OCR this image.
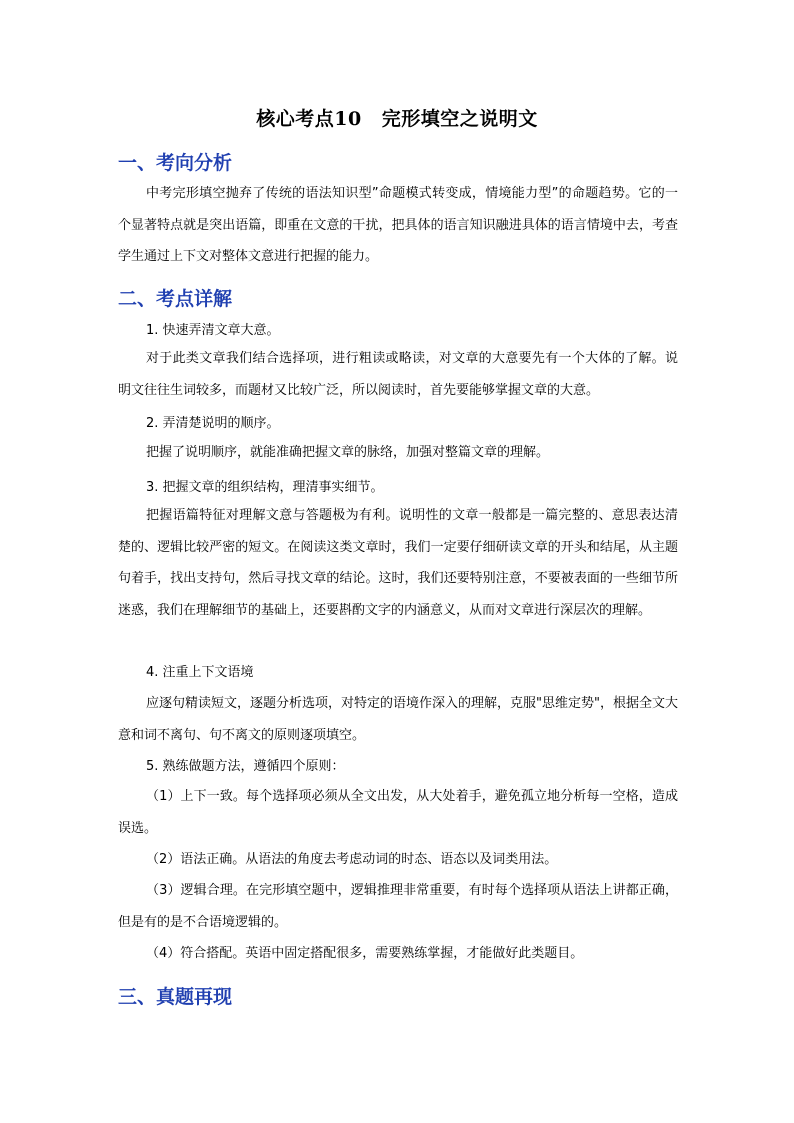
核心考点10 完形填空之说明文
一、考向分析

中考完形填空抛弃了传统的语法知识型”命题模式转变成，情境能力型”的命题趋势。它的一个显著特点就是突出语篇，即重在文意的干扰，把具体的语言知识融进具体的语言情境中去，考查学生通过上下文对整体文意进行把握的能力。

二、考点详解

1. 快速弄清文章大意。

对于此类文章我们结合选择项，进行粗读或略读，对文章的大意要先有一个大体的了解。说明文往往生词较多，而题材又比较广泛，所以阅读时，首先要能够掌握文章的大意。

2. 弄清楚说明的顺序。

把握了说明顺序，就能准确把握文章的脉络，加强对整篇文章的理解。

3. 把握文章的组织结构，理清事实细节。

把握语篇特征对理解文意与答题极为有利。说明性的文章一般都是一篇完整的、意思表达清楚的、逻辑比较严密的短文。在阅读这类文章时，我们一定要仔细研读文章的开头和结尾，从主题句着手，找出支持句，然后寻找文章的结论。这时，我们还要特别注意，不要被表面的一些细节所迷惑，我们在理解细节的基础上，还要斟酌文字的内涵意义，从而对文章进行深层次的理解。

4. 注重上下文语境

应逐句精读短文，逐题分析选项，对特定的语境作深入的理解，克服"思维定势"，根据全文大意和词不离句、句不离文的原则逐项填空。

5. 熟练做题方法，遵循四个原则：

（1）上下一致。每个选择项必须从全文出发，从大处着手，避免孤立地分析每一空格，造成误选。

（2）语法正确。从语法的角度去考虑动词的时态、语态以及词类用法。

（3）逻辑合理。在完形填空题中，逻辑推理非常重要，有时每个选择项从语法上讲都正确，但是有的是不合语境逻辑的。

（4）符合搭配。英语中固定搭配很多，需要熟练掌握，才能做好此类题目。

三、真题再现
